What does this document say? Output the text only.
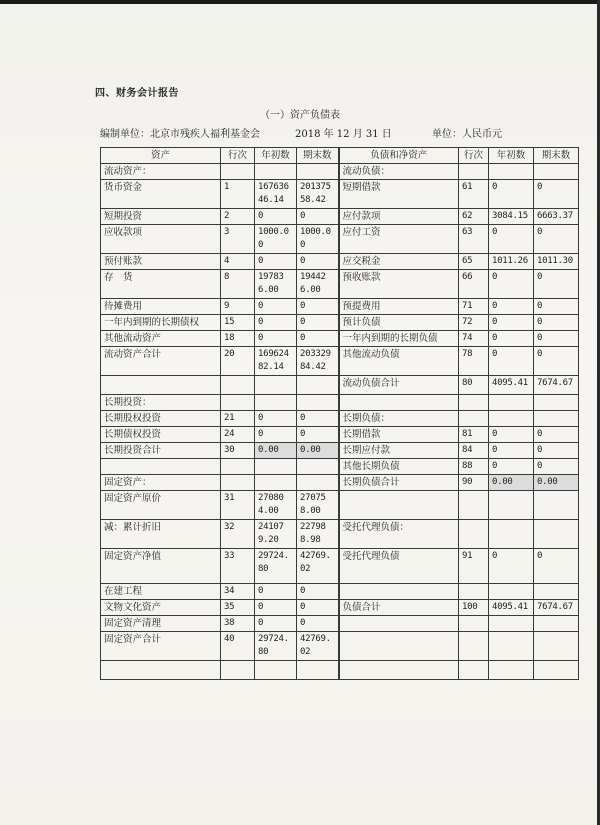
四、财务会计报告
（一）资产负债表
编制单位：北京市残疾人福利基金会	2018 年 12 月 31 日	单位：人民币元
资产	行次	年初数	期末数	负债和净资产	行次	年初数	期末数
流动资产：				流动负债：			
货币资金	1	16763646.14	20137558.42	短期借款	61	0	0
短期投资	2	0	0	应付款项	62	3084.15	6663.37
应收款项	3	1000.00	1000.00	应付工资	63	0	0
预付账款	4	0	0	应交税金	65	1011.26	1011.30
存　货	8	197836.00	194426.00	预收账款	66	0	0
待摊费用	9	0	0	预提费用	71	0	0
一年内到期的长期债权	15	0	0	预计负债	72	0	0
其他流动资产	18	0	0	一年内到期的长期负债	74	0	0
流动资产合计	20	16962482.14	20332984.42	其他流动负债	78	0	0
				流动负债合计	80	4095.41	7674.67
长期投资：							
长期股权投资	21	0	0	长期负债：			
长期债权投资	24	0	0	长期借款	81	0	0
长期投资合计	30	0.00	0.00	长期应付款	84	0	0
				其他长期负债	88	0	0
固定资产：				长期负债合计	90	0.00	0.00
固定资产原价	31	270804.00	270758.00				
减：累计折旧	32	241079.20	227988.98	受托代理负债：			
固定资产净值	33	29724.80	42769.02	受托代理负债	91	0	0
在建工程	34	0	0				
文物文化资产	35	0	0	负债合计	100	4095.41	7674.67
固定资产清理	38	0	0				
固定资产合计	40	29724.80	42769.02				
